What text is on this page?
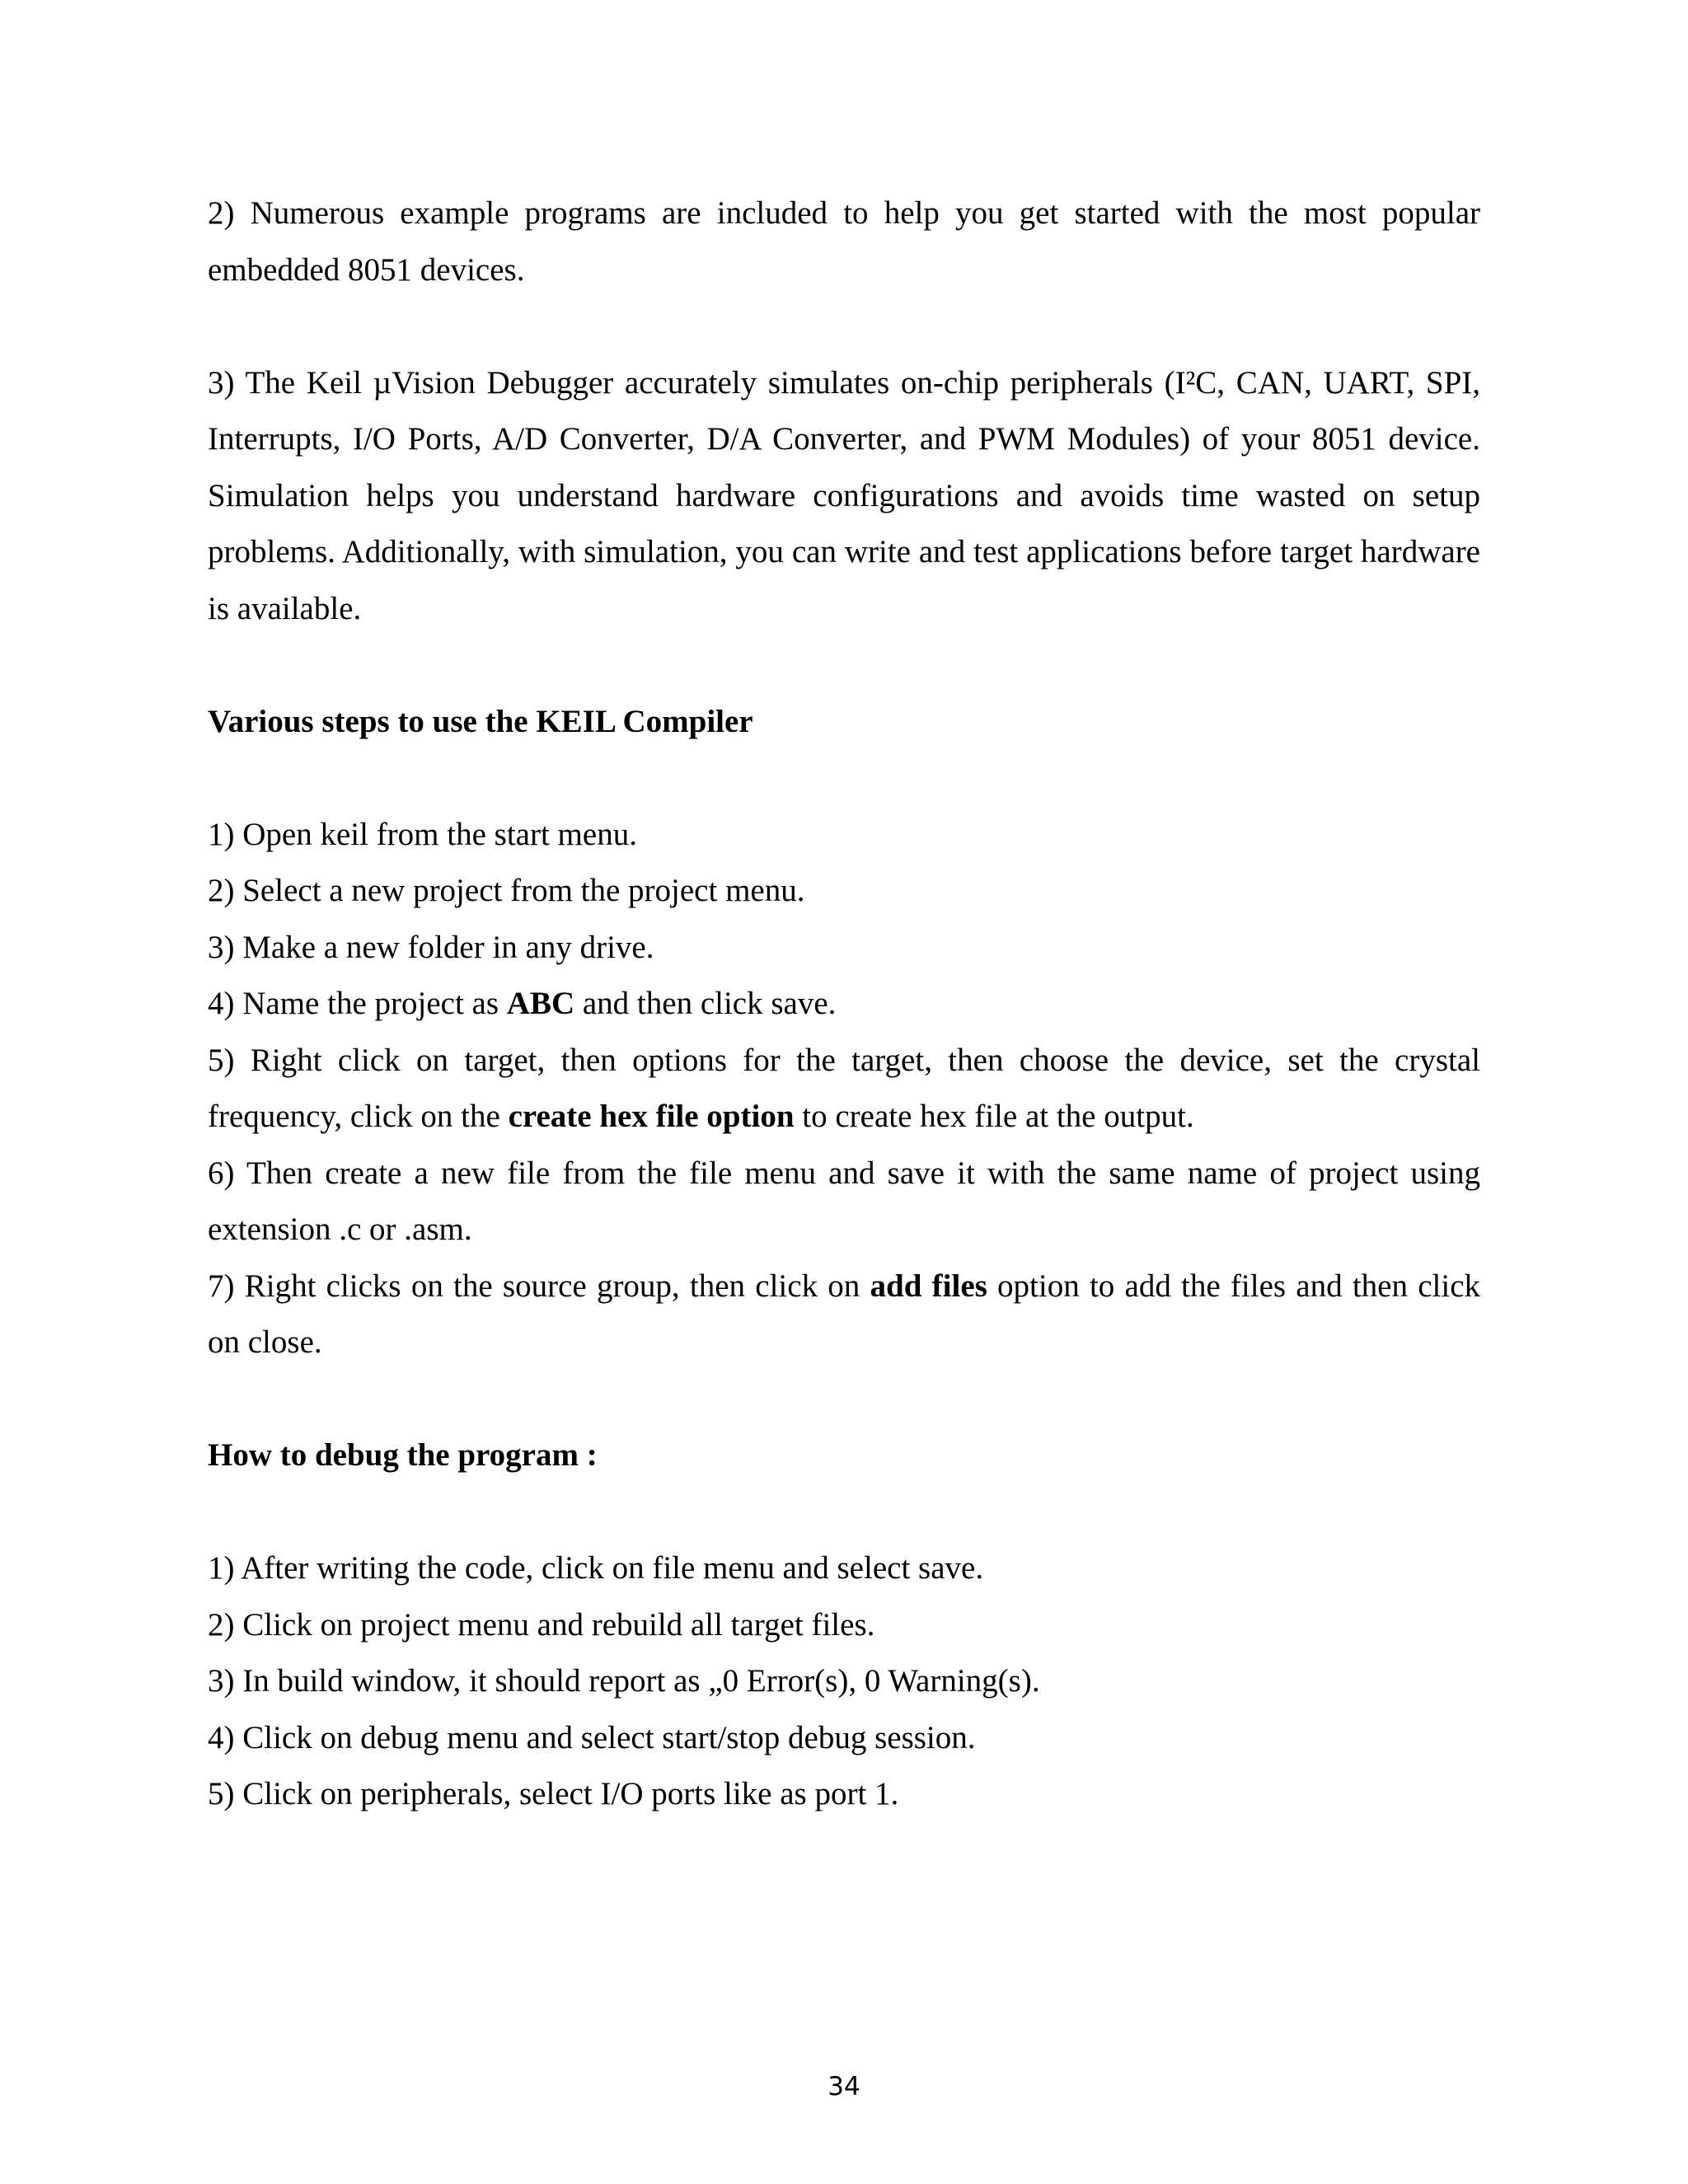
2) Numerous example programs are included to help you get started with the most popular embedded 8051 devices.

3) The Keil µVision Debugger accurately simulates on-chip peripherals (I²C, CAN, UART, SPI, Interrupts, I/O Ports, A/D Converter, D/A Converter, and PWM Modules) of your 8051 device. Simulation helps you understand hardware configurations and avoids time wasted on setup problems. Additionally, with simulation, you can write and test applications before target hardware is available.

Various steps to use the KEIL Compiler

1) Open keil from the start menu.

2) Select a new project from the project menu.

3) Make a new folder in any drive.

4) Name the project as ABC and then click save.

5) Right click on target, then options for the target, then choose the device, set the crystal frequency, click on the create hex file option to create hex file at the output.

6) Then create a new file from the file menu and save it with the same name of project using extension .c or .asm.

7) Right clicks on the source group, then click on add files option to add the files and then click on close.

How to debug the program :

1) After writing the code, click on file menu and select save.

2) Click on project menu and rebuild all target files.

3) In build window, it should report as „0 Error(s), 0 Warning(s).

4) Click on debug menu and select start/stop debug session.

5) Click on peripherals, select I/O ports like as port 1.

34
